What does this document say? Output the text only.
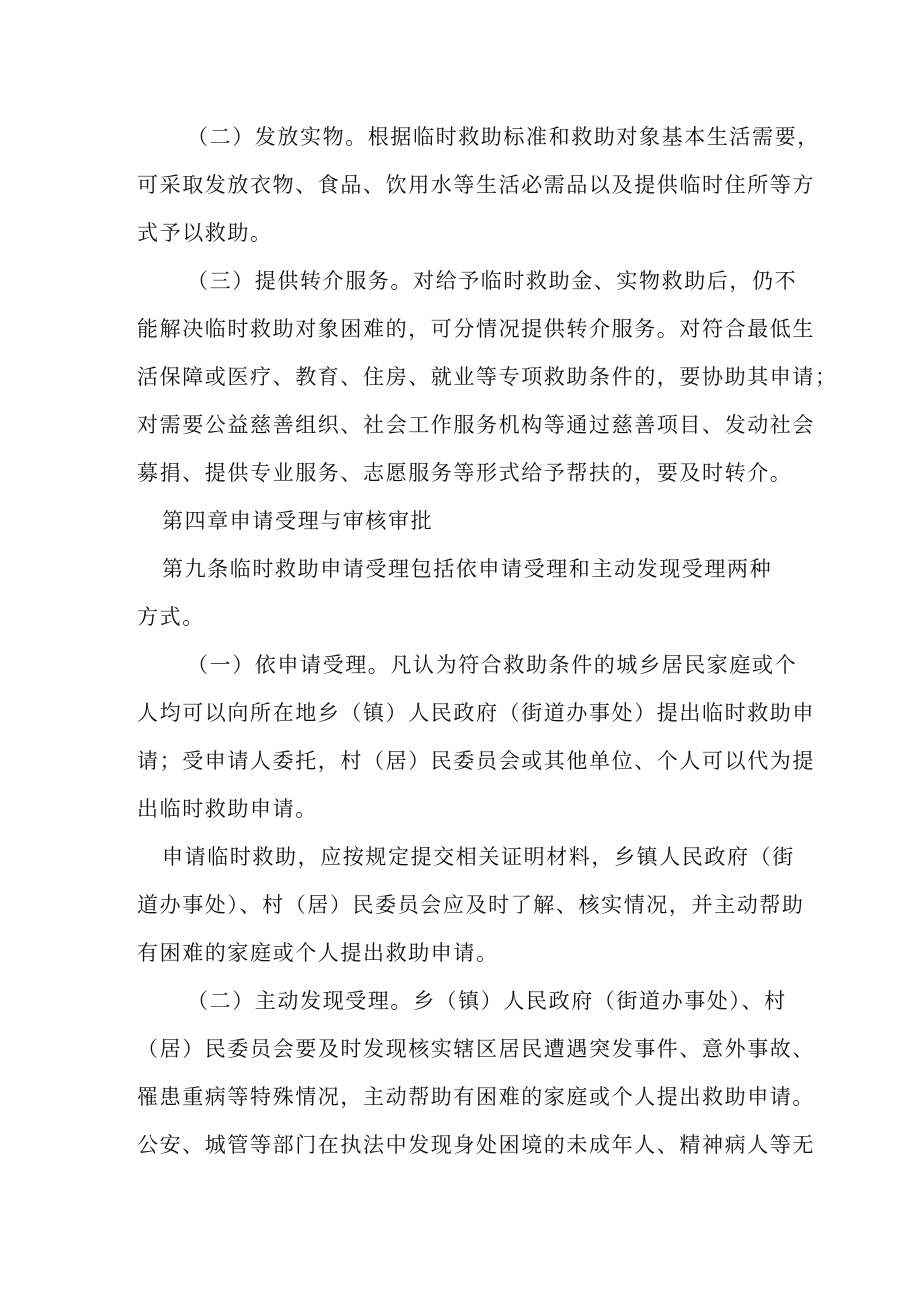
（二）发放实物。根据临时救助标准和救助对象基本生活需要，
可采取发放衣物、食品、饮用水等生活必需品以及提供临时住所等方
式予以救助。
（三）提供转介服务。对给予临时救助金、实物救助后，仍不
能解决临时救助对象困难的，可分情况提供转介服务。对符合最低生
活保障或医疗、教育、住房、就业等专项救助条件的，要协助其申请；
对需要公益慈善组织、社会工作服务机构等通过慈善项目、发动社会
募捐、提供专业服务、志愿服务等形式给予帮扶的，要及时转介。
第四章申请受理与审核审批
第九条临时救助申请受理包括依申请受理和主动发现受理两种
方式。
（一）依申请受理。凡认为符合救助条件的城乡居民家庭或个
人均可以向所在地乡（镇）人民政府（街道办事处）提出临时救助申
请；受申请人委托，村（居）民委员会或其他单位、个人可以代为提
出临时救助申请。
申请临时救助，应按规定提交相关证明材料，乡镇人民政府（街
道办事处）、村（居）民委员会应及时了解、核实情况，并主动帮助
有困难的家庭或个人提出救助申请。
（二）主动发现受理。乡（镇）人民政府（街道办事处）、村
（居）民委员会要及时发现核实辖区居民遭遇突发事件、意外事故、
罹患重病等特殊情况，主动帮助有困难的家庭或个人提出救助申请。
公安、城管等部门在执法中发现身处困境的未成年人、精神病人等无
